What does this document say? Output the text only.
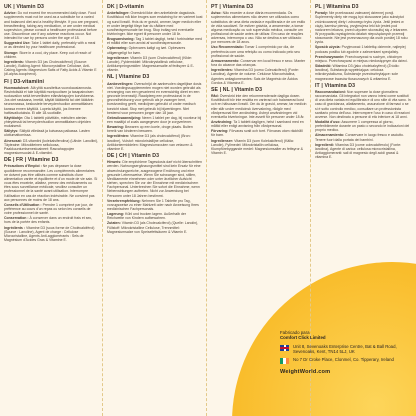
UK | Vitamin D3
Advice: Do not exceed the recommended daily dose. Food supplements must not be used as a substitute for a varied and balanced diet and a healthy lifestyle. If you are pregnant, breastfeeding, taking any medication, or are under medical supervision, please consult a healthcare professional before use. Discontinue use if any adverse reactions occur. Not intended for use by persons under the age of 18.
Suggested Use: Take 1 tablet daily, preferably with a meal or as directed by your healthcare professional.
Storage: Store in a cool, dry place. Keep out of reach of children.
Ingredients: Vitamin D3 (as Cholecalciferol) (Source: Lanolin), Bulking Agent: Microcrystalline Cellulose, Anti-Caking Agents: Magnesium Salts of Fatty Acids & Vitamin E (dl-alpha-tocopherol).
FI | D3-vitamiini
Huomautukset: Älä ylitä suositeltua vuorokausiannosta. Ravintolisää ei tule käyttää monipuolisen ja tasapainoisen ruokavalion sekä terveellisten elämäntapojen korvikkeena. Jos olet raskaana, imetät, käytät lääkkeitä tai olet lääkärin seurannassa, keskustele terveydenhuollon ammattilaisen kanssa ennen käyttöä. Lopeta käyttö, jos ilmenee haittavaikutuksia. Ei alle 18-vuotiaille.
Käyttöohje: Ota 1 tabletti päivittäin, mieluiten aterian yhteydessä tai terveydenhuollon ammattilaisen ohjeiden mukaisesti.
Säilytys: Säilytä viileässä ja kuivassa paikassa. Lasten ulottumattomissa.
Ainesosat: D3-vitamiini (kolekalsiferolina) (Lähde: Lanoliini), Täyteaine: Mikrokiteinen selluloosa, Paakkuuntumisenestoaineet: Rasvahappojen magnesiumsuolat & E-vitamiini.
DE | FR | Vitamine D3
Précautions d'Emploi : Ne pas dépasser la dose quotidienne recommandée. Les compléments alimentaires ne doivent pas être utilisés comme substituts d'une alimentation variée et équilibrée et d'un mode de vie sain. Si vous êtes enceinte, allaitez, prenez des médicaments ou êtes sous surveillance médicale, veuillez consulter un professionnel de la santé avant utilisation. Interrompre l'utilisation en cas de réaction indésirable. Ne convient pas aux personnes de moins de 18 ans.
Conseils d'Utilisation : Prendre 1 comprimé par jour, de préférence au cours d'un repas ou selon les conseils de votre professionnel de santé.
Conservation : À conserver dans un endroit frais et sec, hors de la portée des enfants.
Ingrédients : Vitamine D3 (sous forme de Cholécalciférol) (Source : Lanoline), Agent de charge : Cellulose Microcristalline, Agents Anti-agglomérants : Sels de Magnésium d'Acides Gras & Vitamine E.
DK | D-vitamin
Anbefalinger: Overskrid ikke den anbefalede dagsdosis. Kosttilskud må ikke bruges som erstatning for en varieret kost og sund livsstil. Hvis du er gravid, ammer, tager medicin eller er under lægeligt tilsyn bør du rådføre med sundhedspersonale før brug. Stop indtag ved eventuelle bivirkninger. Ikke egnet til personer under 18 år.
Brugsanvisning: Tag 1 tablet dagligt, helst i forbindelse med et måltid eller som anvist af sundhedspersonale.
Opbevaring: Opbevares køligt og tørt. Opbevares utilgængeligt for børn.
Ingredienser: Vitamin D3 (som Cholecalciferol) (Kilde: Lanolin), Fyldemiddel: Mikrokrystallinsk cellulose, Antiklumpningsmidler: Magnesiumsalte af fedtsyrer & E-vitamin.
NL | Vitamine D3
Aanbevelingen: Overschrijd de aanbevolen dagelijkse dosis niet. Voedingssupplementen mogen niet worden gebruikt als vervanging van een gevarieerd en evenwichtig dieet en een gezonde levensstijl. Raadpleeg een professional in de gezondheidszorg voor gebruik als je zwanger bent, borstvoeding geeft, medicijnen gebruikt of onder medisch toezicht staat. Stop met gebruik bij bijwerkingen. Niet bestemd voor personen jonger dan 18 jaar.
Gebruiksaanwijzing: Neem 1 tablet per dag, bij voorkeur bij een maaltijd of zoals aangegeven door je zorgverlener.
Bewaring: Bewaren op een koele, droge plaats. Buiten bereik van kinderen bewaren.
Ingrediënten: Vitamine D3 (als cholecalciferol) (Bron: lanoline), Vulstof: microkristallijne cellulose, Antiklontermiddelen: Magnesiumzouten van vetzuren & vitamine E.
DE | CH | Vitamin D3
Hinweis: Die empfohlene Tagesdosis darf nicht überschritten werden. Nahrungsergänzungsmittel sind kein Ersatz für eine abwechslungsreiche, ausgewogene Ernährung und eine gesunde Lebensweise. Wenn Sie schwanger sind, stillen, Medikamente einnehmen oder unter ärztlicher Aufsicht stehen, sprechen Sie vor der Einnahme mit medizinischem Fachpersonal. Unterbrechen Sie sofort die Einnahme, wenn Nebenwirkungen auftreten. Nicht zur Anwendung bei Personen unter 18 Jahren bestimmt.
Verzehrempfehlung: Nehmen Sie 1 Tablette pro Tag, vorzugsweise zu einer Mahlzeit oder nach Anweisung Ihres medizinischen Fachpersonals.
Lagerung: Kühl und trocken lagern. Außerhalb der Reichweite von Kindern aufbewahren.
Zutaten: Vitamin D3 (als Cholecalciferol) (Quelle: Lanolin), Füllstoff: Mikrokristalline Cellulose, Trennmittel: Magnesiumsalze von Speisefettsäuren & Vitamin E.
PT | Vitamina D3
Aviso: Não exceder a dose diária recomendada. Os suplementos alimentares não devem ser utilizados como substitutos de uma dieta variada e equilibrada e de um estilo de vida saudável. Se estiver grávida, a amamentar, a tomar alguma medicação ou sob supervisão médica, consulte um profissional de saúde antes de utilizar. Em caso de reações adversas, interrompa o uso. Não se destina a ser utilizado por menores de 18 anos.
Uso Recomendado: Tomar 1 comprimido por dia, de preferência com uma refeição ou como indicado pelo seu profissional de saúde.
Armazenamento: Conservar em local fresco e seco. Manter fora do alcance das crianças.
Ingredientes: Vitamina D3 (como Colecalciferol) (Fonte: Lanolina), Agente de volume: Celulose Microcristalina, Agentes antiaglomerantes: Sais de Magnésio de Ácidos Gordos & Vitamina E.
SE | NL | Vitamin D3
Råd: Överskrid inte den rekommenderade dagliga dosen. Kosttillskott bör inte ersätta en varierad och balanserad kost och en hälsosam livsstil. Om du är gravid, ammar, tar medicin eller står under medicinsk övervakning, rådgör med vårdpersonal före användning. Avbryt användningen vid eventuella biverkningar. Inte avsett för personer under 18 år.
Användning: Ta 1 tablett dagligen, helst i samband med en måltid eller enligt anvisning från vårdpersonal.
Förvaring: Förvaras svalt och torrt. Förvaras utom räckhåll för barn.
Ingredienser: Vitamin D3 (som Kolekalciferol) (Källa: Lanolin), Fyllmedel: Mikrokristallin cellulosa, Klumpförebyggande medel: Magnesiumsalter av fettsyror & Vitamin E.
PL | Witamina D3
Porady: Nie przekraczać zalecanej dziennej porcji. Suplementy diety nie mogą być stosowane jako substytut zróżnicowanej diety i zdrowego trybu życia. Jeśli jesteś w ciąży, karmisz piersią, przyjmujesz leki lub jesteś pod nadzorem lekarza, przed użyciem skonsultuj się z lekarzem. W przypadku wystąpienia działań niepożądanych przerwij stosowanie. Nie jest przeznaczony dla osób poniżej 18 roku życia.
Sposób użycia: Przyjmować 1 tabletkę dziennie, najlepiej podczas posiłku lub zgodnie z zaleceniami specjalisty.
Przechowywanie: Przechowywać w suchym, chłodnym miejscu. Przechowywać w miejscu niedostępnym dla dzieci.
Składniki: Witamina D3 (jako cholekalcyferol) (Źródło: lanolina), Substancja wypełniająca: celuloza mikrokrystaliczna, Substancje przeciwzbrylające: sole magnezowe kwasów tłuszczowych & witamina E.
IT | Vitamina D3
Raccomandazioni: Non superare la dose giornaliera raccomandata. Gli integratori non vanno intesi come sostituti di una dieta variata ed equilibrata e di uno stile di vita sano. In caso di gravidanza, allattamento, assunzione di farmaci o se si è sotto controllo medico, consultare un professionista sanitario prima dell'uso. Interrompere l'uso in caso di reazioni avverse. Non destinato a persone di età inferiore ai 18 anni.
Modalità d'uso: Assumere 1 compressa al giorno, preferibilmente durante un pasto o secondo le indicazioni del proprio medico.
Almacenamiento: Conservare in luogo fresco e asciutto. Tenere fuori dalla portata dei bambini.
Ingredienti: Vitamina D3 (come colecalciferolo) (Fonte: lanolina), Agente di carica: cellulosa microcristallina, Antiagglomeranti: sali di magnesio degli acidi grassi & vitamina E.
Fabricado para
Comfort Click Limited
Unit 8, Sevenoaks Enterprise Centre, Bat & Ball Road, Sevenoaks, Kent, TN14 5LJ, UK
No 7 Dr Croke Place, Clonmel, Co. Tipperary, Ireland
WeightWorld.com
